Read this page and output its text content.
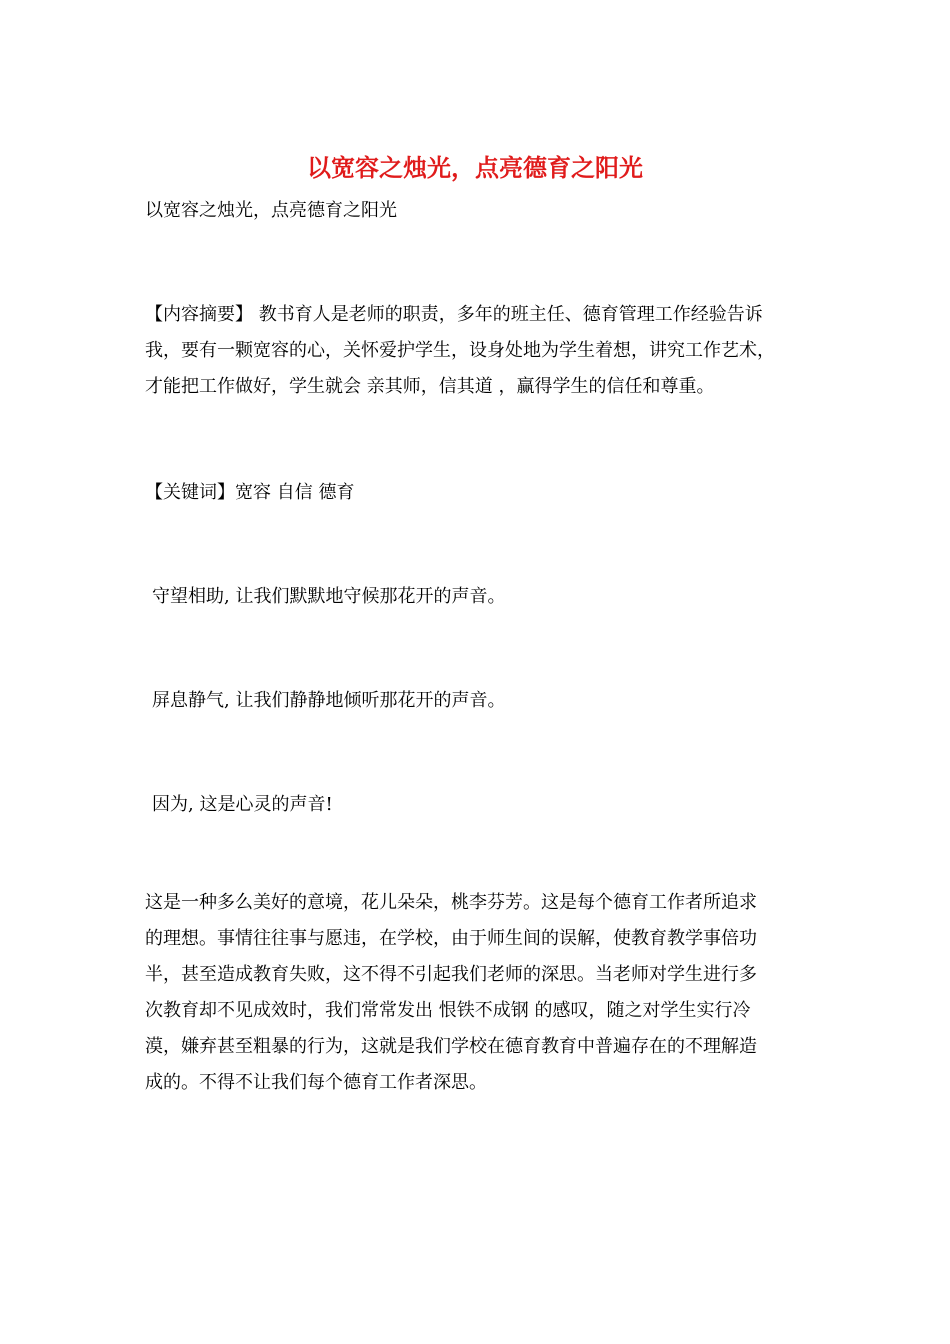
以宽容之烛光，点亮德育之阳光
以宽容之烛光，点亮德育之阳光
【内容摘要】 教书育人是老师的职责，多年的班主任、德育管理工作经验告诉
我，要有一颗宽容的心，关怀爱护学生，设身处地为学生着想，讲究工作艺术，
才能把工作做好，学生就会 亲其师，信其道 ，赢得学生的信任和尊重。
【关键词】宽容 自信 德育
守望相助, 让我们默默地守候那花开的声音。
屏息静气, 让我们静静地倾听那花开的声音。
因为, 这是心灵的声音!
这是一种多么美好的意境，花儿朵朵，桃李芬芳。这是每个德育工作者所追求
的理想。事情往往事与愿违，在学校，由于师生间的误解，使教育教学事倍功
半，甚至造成教育失败，这不得不引起我们老师的深思。当老师对学生进行多
次教育却不见成效时，我们常常发出 恨铁不成钢 的感叹，随之对学生实行冷
漠，嫌弃甚至粗暴的行为，这就是我们学校在德育教育中普遍存在的不理解造
成的。不得不让我们每个德育工作者深思。
